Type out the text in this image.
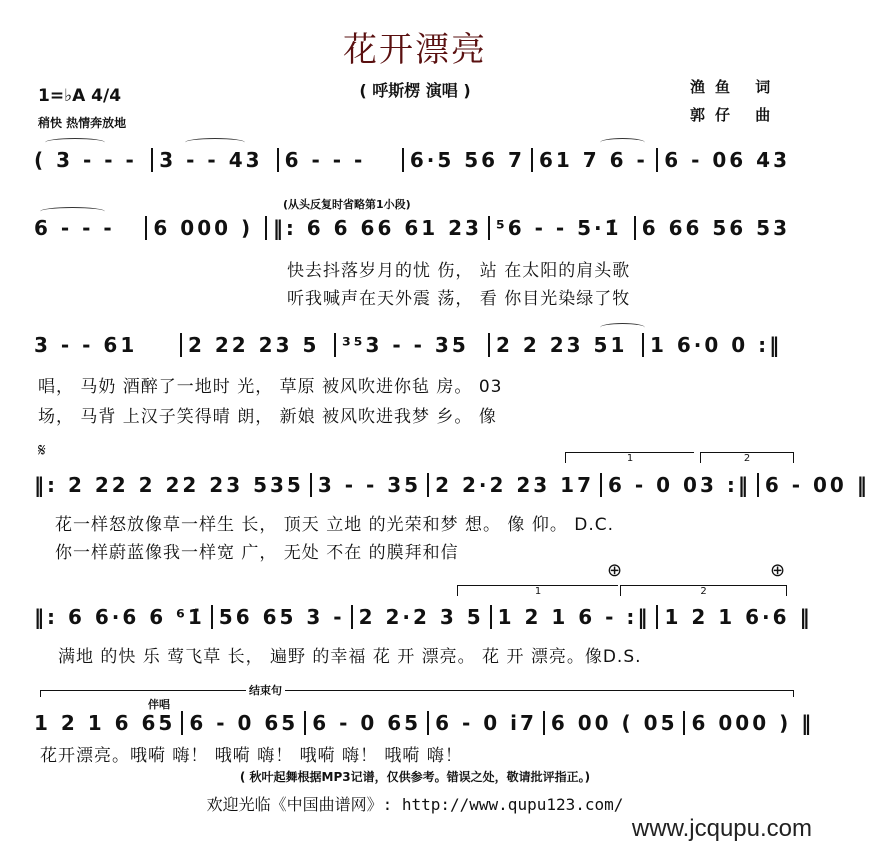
花开漂亮
( 呼斯楞 演唱 )	渔鱼 词
郭仔 曲
1=♭A 4/4
稍快 热情奔放地
( 3 - - -	3 - - 43	6 - - -	6·5 56 7 61 7 6 - 6 - 06 43
(从头反复时省略第1小段)
6 - - -	6 000 ) ‖: 6 6 66 61 23 ⁵6 - - 5·1̇	6 66 56 53
快去抖落岁月的忧 伤， 站 在太阳的肩头歌
听我喊声在天外震 荡， 看 你目光染绿了牧
3 - - 61	2 22 23 5	³⁵3 - - 35	2 2 23 51	1 6·0 0 :‖
唱， 马奶 酒醉了一地时 光， 草原 被风吹进你毡 房。 03
场， 马背 上汉子笑得晴 朗， 新娘 被风吹进我梦 乡。 像
𝄋	1	2
‖: 2 22 2 22 23 535 3 - - 35 2 2·2 23 17 6 - 0 03 :‖ 6 - 00 ‖
花一样怒放像草一样生 长， 顶天 立地 的光荣和梦 想。 像 仰。 D.C.
你一样蔚蓝像我一样宽 广， 无处 不在 的膜拜和信
⊕	⊕
1	2
‖: 6 6·6 6 ⁶1̇ 56 65 3 - 2 2·2 3 5 1 2 1 6 - :‖ 1 2 1 6·6 ‖
满地 的快 乐 莺飞草 长， 遍野 的幸福 花 开 漂亮。 花 开 漂亮。像D.S.
结束句
伴唱
1 2 1 6 65 6 - 0 65 6 - 0 65 6 - 0 i7 6 00 ( 05 6 000 ) ‖
花开漂亮。哦嗬 嗨！ 哦嗬 嗨！ 哦嗬 嗨！ 哦嗬 嗨！
( 秋叶起舞根据MP3记谱，仅供参考。错误之处，敬请批评指正。)
欢迎光临《中国曲谱网》: http://www.qupu123.com/
www.jcqupu.com
